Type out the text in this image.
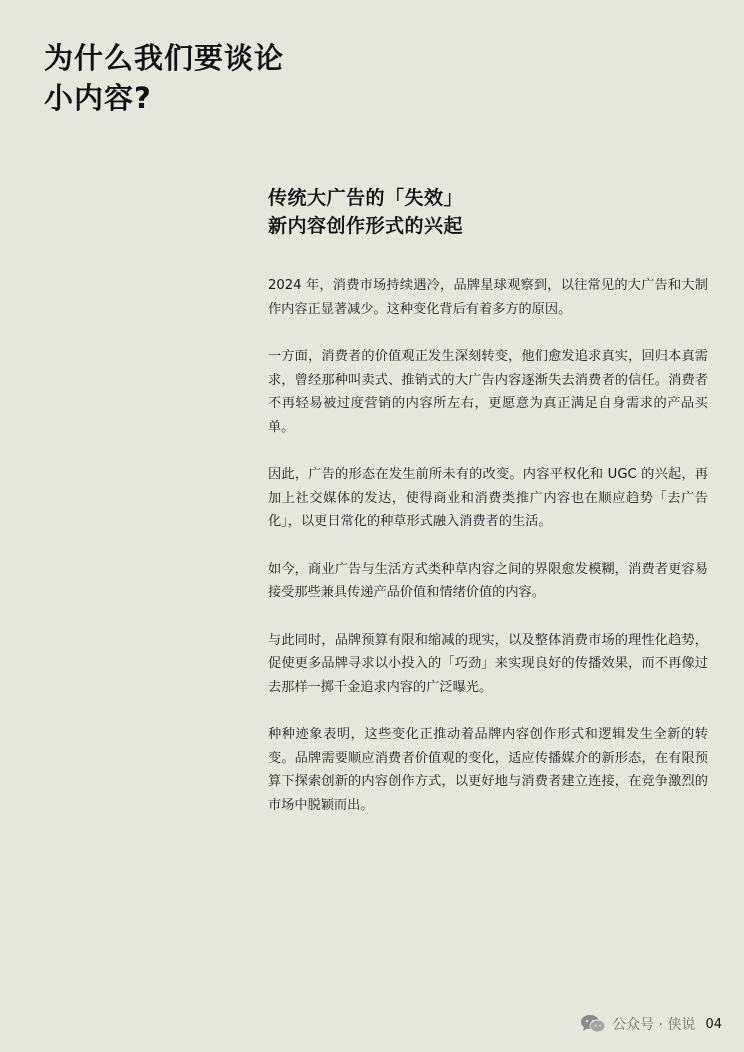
为什么我们要谈论
小内容?
传统大广告的「失效」
新内容创作形式的兴起

2024 年，消费市场持续遇冷，品牌星球观察到，以往常见的大广告和大制作内容正显著减少。这种变化背后有着多方的原因。

一方面，消费者的价值观正发生深刻转变，他们愈发追求真实，回归本真需求，曾经那种叫卖式、推销式的大广告内容逐渐失去消费者的信任。消费者不再轻易被过度营销的内容所左右，更愿意为真正满足自身需求的产品买单。

因此，广告的形态在发生前所未有的改变。内容平权化和 UGC 的兴起，再加上社交媒体的发达，使得商业和消费类推广内容也在顺应趋势「去广告化」，以更日常化的种草形式融入消费者的生活。

如今，商业广告与生活方式类种草内容之间的界限愈发模糊，消费者更容易接受那些兼具传递产品价值和情绪价值的内容。

与此同时，品牌预算有限和缩减的现实，以及整体消费市场的理性化趋势，促使更多品牌寻求以小投入的「巧劲」来实现良好的传播效果，而不再像过去那样一掷千金追求内容的广泛曝光。

种种迹象表明，这些变化正推动着品牌内容创作形式和逻辑发生全新的转变。品牌需要顺应消费者价值观的变化，适应传播媒介的新形态，在有限预算下探索创新的内容创作方式，以更好地与消费者建立连接，在竞争激烈的市场中脱颖而出。

公众号 · 侠说 04
